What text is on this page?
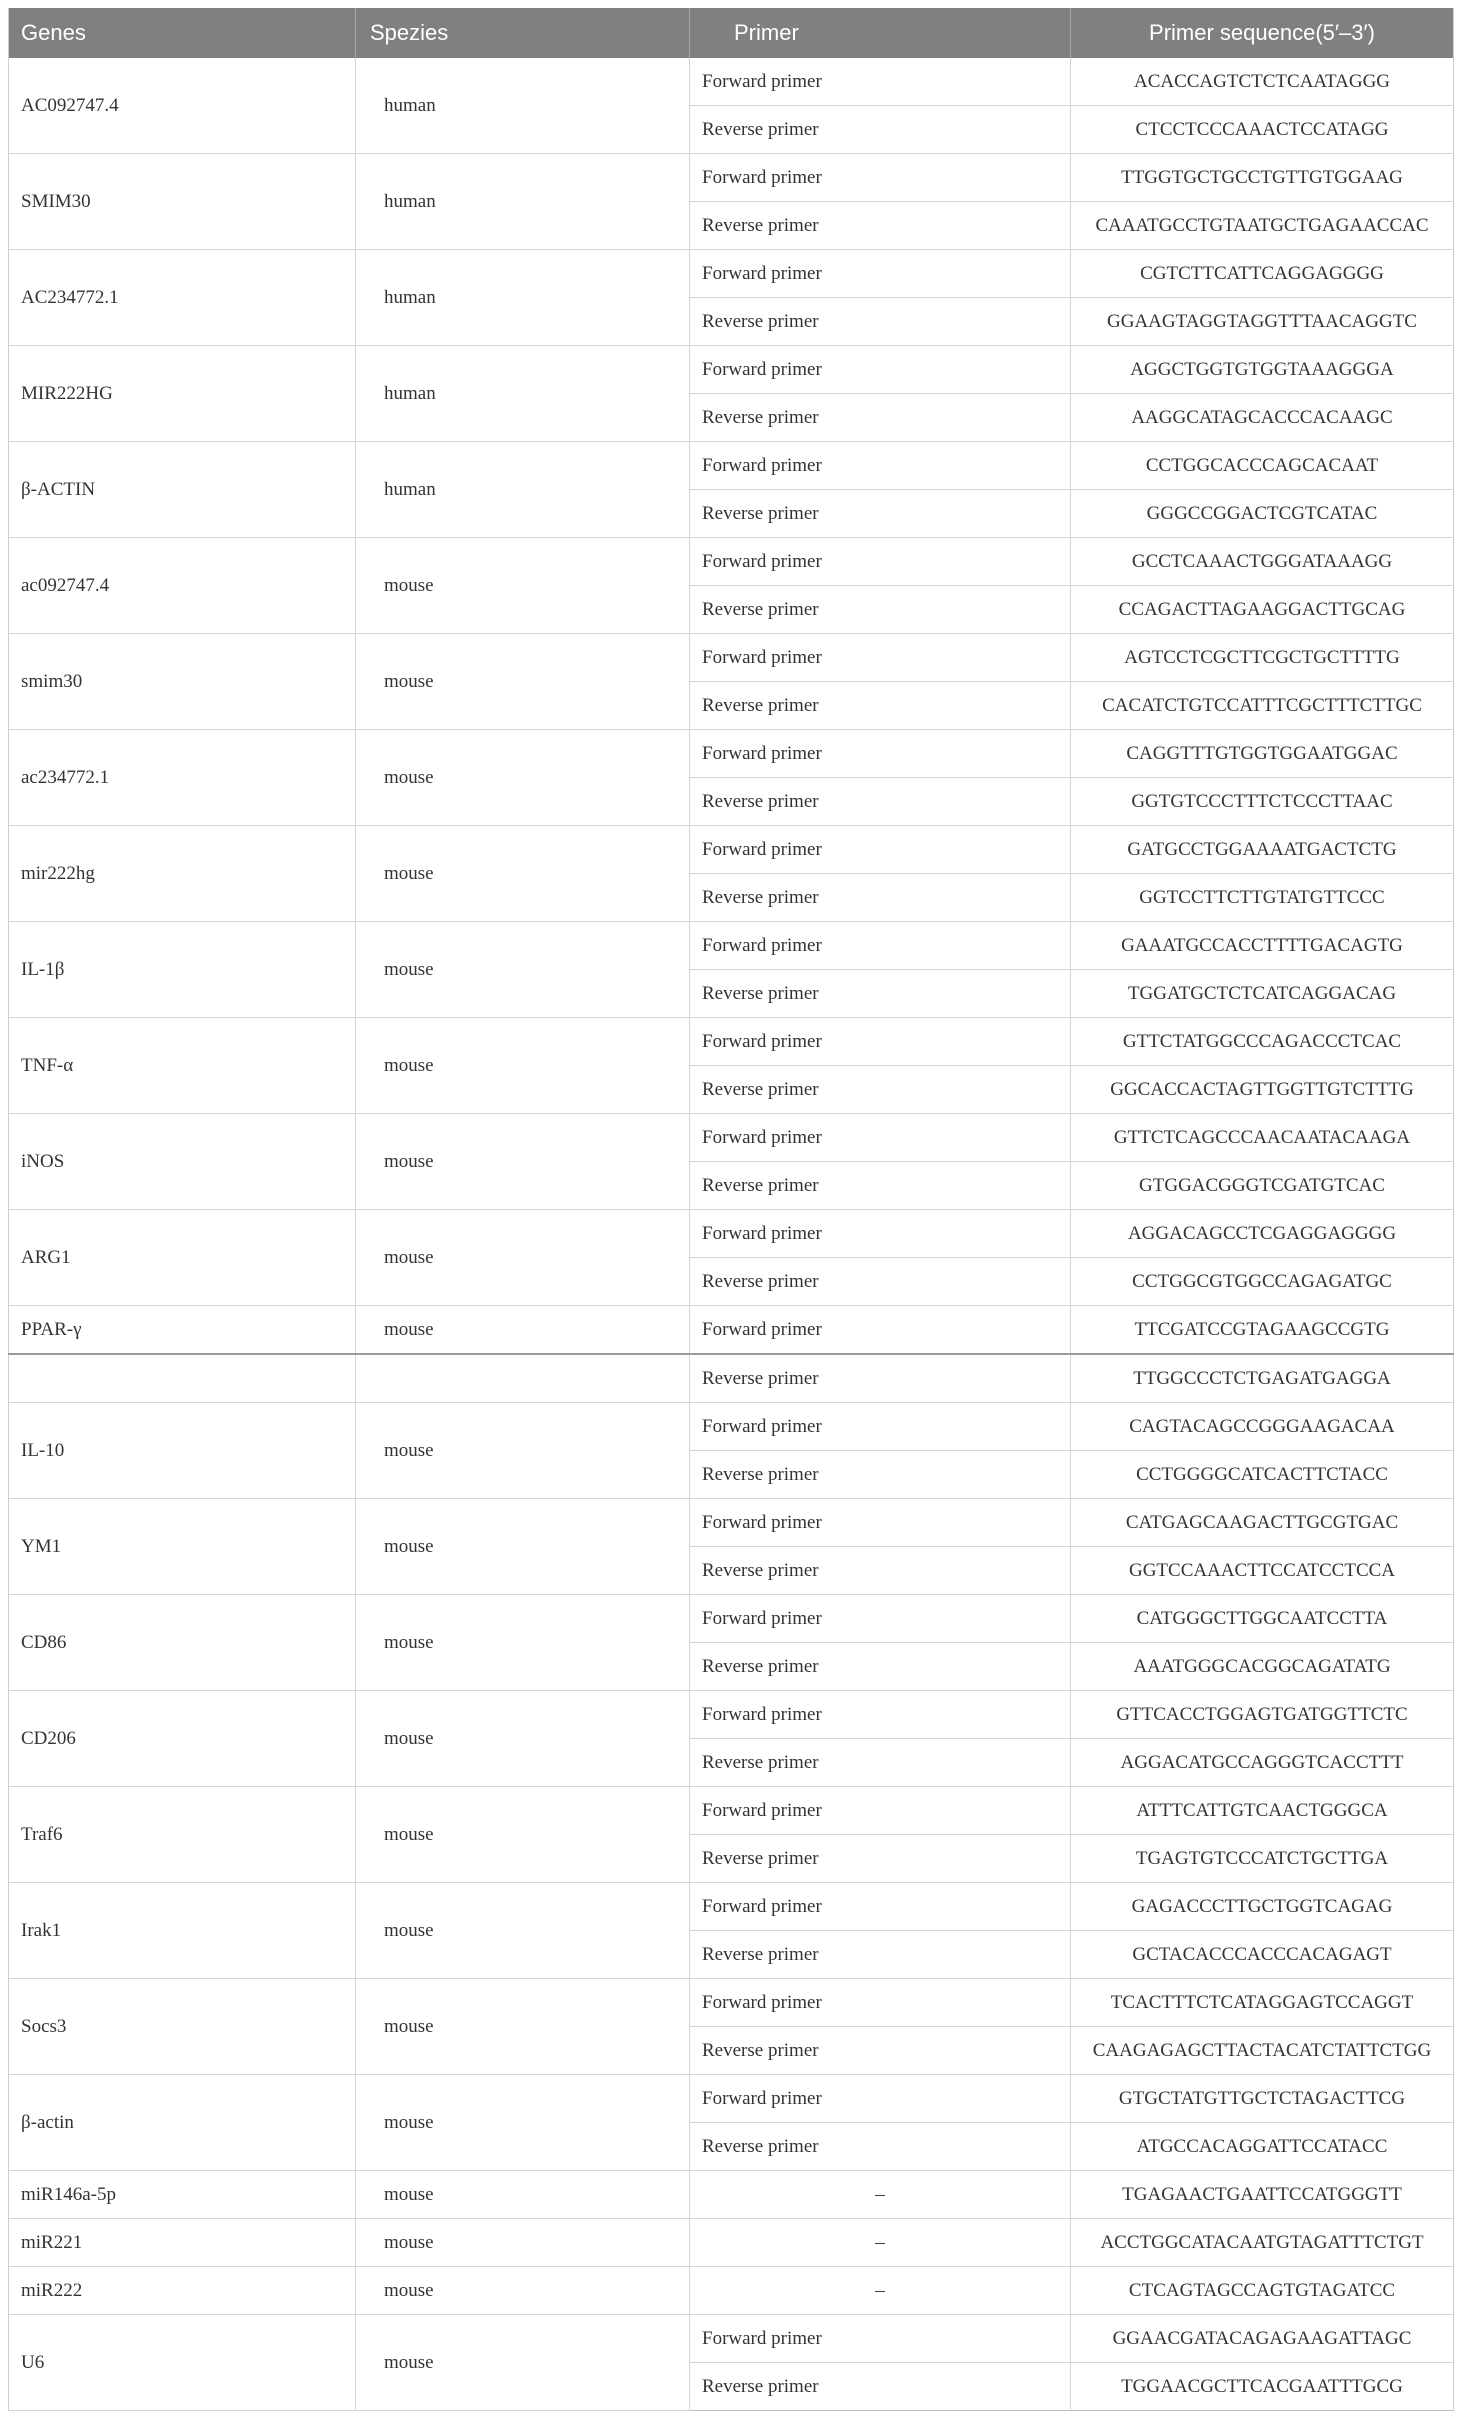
Genes	Spezies	Primer	Primer sequence(5′–3′)
AC092747.4	human	Forward primer	ACACCAGTCTCTCAATAGGG
		Reverse primer	CTCCTCCCAAACTCCATAGG
SMIM30	human	Forward primer	TTGGTGCTGCCTGTTGTGGAAG
		Reverse primer	CAAATGCCTGTAATGCTGAGAACCAC
AC234772.1	human	Forward primer	CGTCTTCATTCAGGAGGGG
		Reverse primer	GGAAGTAGGTAGGTTTAACAGGTC
MIR222HG	human	Forward primer	AGGCTGGTGTGGTAAAGGGA
		Reverse primer	AAGGCATAGCACCCACAAGC
β-ACTIN	human	Forward primer	CCTGGCACCCAGCACAAT
		Reverse primer	GGGCCGGACTCGTCATAC
ac092747.4	mouse	Forward primer	GCCTCAAACTGGGATAAAGG
		Reverse primer	CCAGACTTAGAAGGACTTGCAG
smim30	mouse	Forward primer	AGTCCTCGCTTCGCTGCTTTTG
		Reverse primer	CACATCTGTCCATTTCGCTTTCTTGC
ac234772.1	mouse	Forward primer	CAGGTTTGTGGTGGAATGGAC
		Reverse primer	GGTGTCCCTTTCTCCCTTAAC
mir222hg	mouse	Forward primer	GATGCCTGGAAAATGACTCTG
		Reverse primer	GGTCCTTCTTGTATGTTCCC
IL-1β	mouse	Forward primer	GAAATGCCACCTTTTGACAGTG
		Reverse primer	TGGATGCTCTCATCAGGACAG
TNF-α	mouse	Forward primer	GTTCTATGGCCCAGACCCTCAC
		Reverse primer	GGCACCACTAGTTGGTTGTCTTTG
iNOS	mouse	Forward primer	GTTCTCAGCCCAACAATACAAGA
		Reverse primer	GTGGACGGGTCGATGTCAC
ARG1	mouse	Forward primer	AGGACAGCCTCGAGGAGGGG
		Reverse primer	CCTGGCGTGGCCAGAGATGC
PPAR-γ	mouse	Forward primer	TTCGATCCGTAGAAGCCGTG
		Reverse primer	TTGGCCCTCTGAGATGAGGA
IL-10	mouse	Forward primer	CAGTACAGCCGGGAAGACAA
		Reverse primer	CCTGGGGCATCACTTCTACC
YM1	mouse	Forward primer	CATGAGCAAGACTTGCGTGAC
		Reverse primer	GGTCCAAACTTCCATCCTCCA
CD86	mouse	Forward primer	CATGGGCTTGGCAATCCTTA
		Reverse primer	AAATGGGCACGGCAGATATG
CD206	mouse	Forward primer	GTTCACCTGGAGTGATGGTTCTC
		Reverse primer	AGGACATGCCAGGGTCACCTTT
Traf6	mouse	Forward primer	ATTTCATTGTCAACTGGGCA
		Reverse primer	TGAGTGTCCCATCTGCTTGA
Irak1	mouse	Forward primer	GAGACCCTTGCTGGTCAGAG
		Reverse primer	GCTACACCCACCCACAGAGT
Socs3	mouse	Forward primer	TCACTTTCTCATAGGAGTCCAGGT
		Reverse primer	CAAGAGAGCTTACTACATCTATTCTGG
β-actin	mouse	Forward primer	GTGCTATGTTGCTCTAGACTTCG
		Reverse primer	ATGCCACAGGATTCCATACC
miR146a-5p	mouse	–	TGAGAACTGAATTCCATGGGTT
miR221	mouse	–	ACCTGGCATACAATGTAGATTTCTGT
miR222	mouse	–	CTCAGTAGCCAGTGTAGATCC
U6	mouse	Forward primer	GGAACGATACAGAGAAGATTAGC
		Reverse primer	TGGAACGCTTCACGAATTTGCG
